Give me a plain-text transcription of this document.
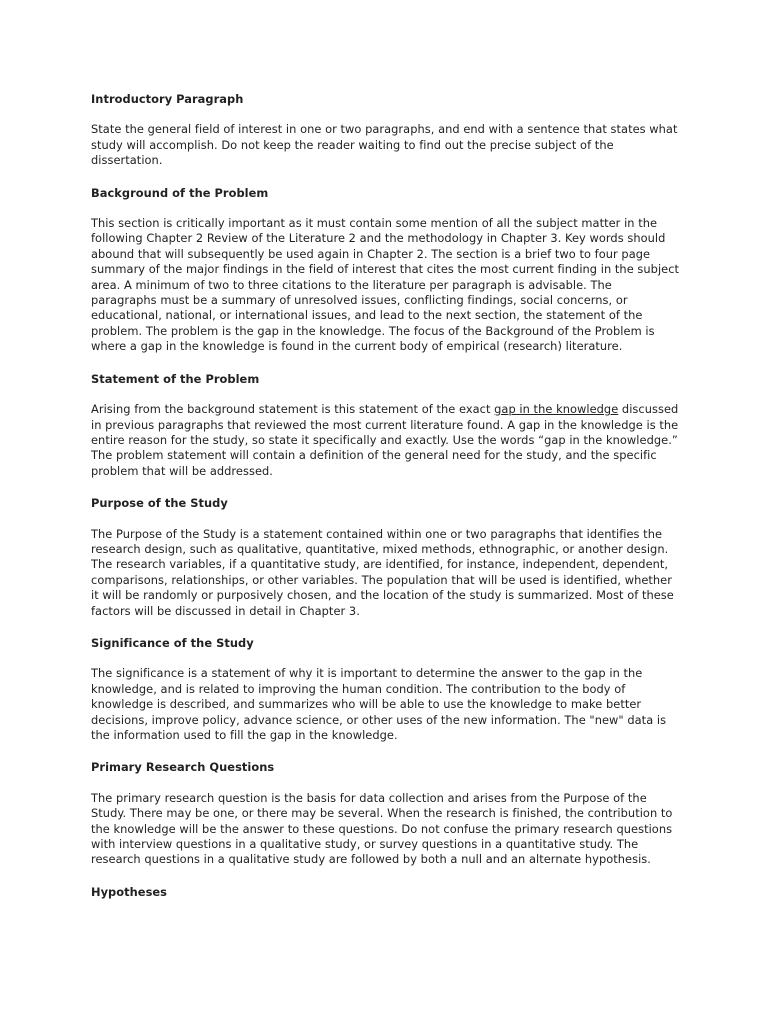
Introductory Paragraph
State the general field of interest in one or two paragraphs, and end with a sentence that states what study will accomplish. Do not keep the reader waiting to find out the precise subject of the dissertation.
Background of the Problem
This section is critically important as it must contain some mention of all the subject matter in the following Chapter 2 Review of the Literature 2 and the methodology in Chapter 3. Key words should abound that will subsequently be used again in Chapter 2. The section is a brief two to four page summary of the major findings in the field of interest that cites the most current finding in the subject area. A minimum of two to three citations to the literature per paragraph is advisable. The paragraphs must be a summary of unresolved issues, conflicting findings, social concerns, or educational, national, or international issues, and lead to the next section, the statement of the problem. The problem is the gap in the knowledge. The focus of the Background of the Problem is where a gap in the knowledge is found in the current body of empirical (research) literature.
Statement of the Problem
Arising from the background statement is this statement of the exact gap in the knowledge discussed in previous paragraphs that reviewed the most current literature found. A gap in the knowledge is the entire reason for the study, so state it specifically and exactly. Use the words “gap in the knowledge.” The problem statement will contain a definition of the general need for the study, and the specific problem that will be addressed.
Purpose of the Study
The Purpose of the Study is a statement contained within one or two paragraphs that identifies the research design, such as qualitative, quantitative, mixed methods, ethnographic, or another design. The research variables, if a quantitative study, are identified, for instance, independent, dependent, comparisons, relationships, or other variables. The population that will be used is identified, whether it will be randomly or purposively chosen, and the location of the study is summarized. Most of these factors will be discussed in detail in Chapter 3.
Significance of the Study
The significance is a statement of why it is important to determine the answer to the gap in the knowledge, and is related to improving the human condition. The contribution to the body of knowledge is described, and summarizes who will be able to use the knowledge to make better decisions, improve policy, advance science, or other uses of the new information. The "new" data is the information used to fill the gap in the knowledge.
Primary Research Questions
The primary research question is the basis for data collection and arises from the Purpose of the Study. There may be one, or there may be several. When the research is finished, the contribution to the knowledge will be the answer to these questions. Do not confuse the primary research questions with interview questions in a qualitative study, or survey questions in a quantitative study. The research questions in a qualitative study are followed by both a null and an alternate hypothesis.
Hypotheses
